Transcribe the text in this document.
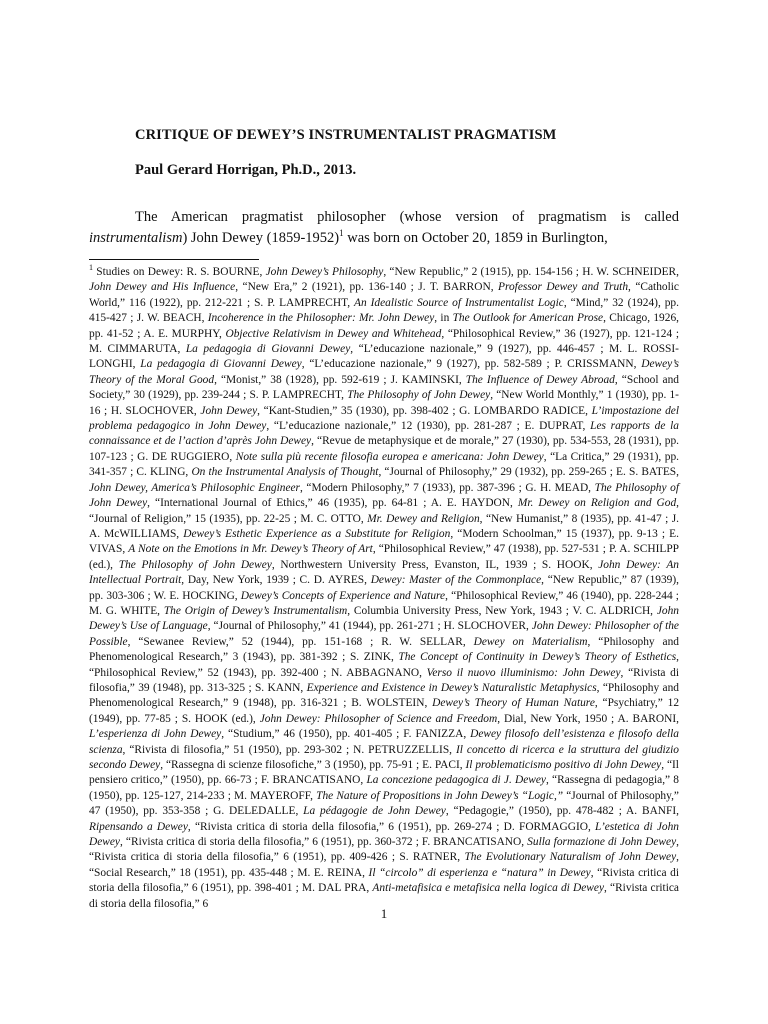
CRITIQUE OF DEWEY’S INSTRUMENTALIST PRAGMATISM
Paul Gerard Horrigan, Ph.D., 2013.

The American pragmatist philosopher (whose version of pragmatism is called instrumentalism) John Dewey (1859-1952)$^1$ was born on October 20, 1859 in Burlington,

$^1$ Studies on Dewey: R. S. BOURNE, John Dewey’s Philosophy, “New Republic,” 2 (1915), pp. 154-156 ; H. W. SCHNEIDER, John Dewey and His Influence, “New Era,” 2 (1921), pp. 136-140 ; J. T. BARRON, Professor Dewey and Truth, “Catholic World,” 116 (1922), pp. 212-221 ; S. P. LAMPRECHT, An Idealistic Source of Instrumentalist Logic, “Mind,” 32 (1924), pp. 415-427 ; J. W. BEACH, Incoherence in the Philosopher: Mr. John Dewey, in The Outlook for American Prose, Chicago, 1926, pp. 41-52 ; A. E. MURPHY, Objective Relativism in Dewey and Whitehead, “Philosophical Review,” 36 (1927), pp. 121-124 ; M. CIMMARUTA, La pedagogia di Giovanni Dewey, “L’educazione nazionale,” 9 (1927), pp. 446-457 ; M. L. ROSSI-LONGHI, La pedagogia di Giovanni Dewey, “L’educazione nazionale,” 9 (1927), pp. 582-589 ; P. CRISSMANN, Dewey’s Theory of the Moral Good, “Monist,” 38 (1928), pp. 592-619 ; J. KAMINSKI, The Influence of Dewey Abroad, “School and Society,” 30 (1929), pp. 239-244 ; S. P. LAMPRECHT, The Philosophy of John Dewey, “New World Monthly,” 1 (1930), pp. 1-16 ; H. SLOCHOVER, John Dewey, “Kant-Studien,” 35 (1930), pp. 398-402 ; G. LOMBARDO RADICE, L’impostazione del problema pedagogico in John Dewey, “L’educazione nazionale,” 12 (1930), pp. 281-287 ; E. DUPRAT, Les rapports de la connaissance et de l’action d’après John Dewey, “Revue de metaphysique et de morale,” 27 (1930), pp. 534-553, 28 (1931), pp. 107-123 ; G. DE RUGGIERO, Note sulla più recente filosofia europea e americana: John Dewey, “La Critica,” 29 (1931), pp. 341-357 ; C. KLING, On the Instrumental Analysis of Thought, “Journal of Philosophy,” 29 (1932), pp. 259-265 ; E. S. BATES, John Dewey, America’s Philosophic Engineer, “Modern Philosophy,” 7 (1933), pp. 387-396 ; G. H. MEAD, The Philosophy of John Dewey, “International Journal of Ethics,” 46 (1935), pp. 64-81 ; A. E. HAYDON, Mr. Dewey on Religion and God, “Journal of Religion,” 15 (1935), pp. 22-25 ; M. C. OTTO, Mr. Dewey and Religion, “New Humanist,” 8 (1935), pp. 41-47 ; J. A. McWILLIAMS, Dewey’s Esthetic Experience as a Substitute for Religion, “Modern Schoolman,” 15 (1937), pp. 9-13 ; E. VIVAS, A Note on the Emotions in Mr. Dewey’s Theory of Art, “Philosophical Review,” 47 (1938), pp. 527-531 ; P. A. SCHILPP (ed.), The Philosophy of John Dewey, Northwestern University Press, Evanston, IL, 1939 ; S. HOOK, John Dewey: An Intellectual Portrait, Day, New York, 1939 ; C. D. AYRES, Dewey: Master of the Commonplace, “New Republic,” 87 (1939), pp. 303-306 ; W. E. HOCKING, Dewey’s Concepts of Experience and Nature, “Philosophical Review,” 46 (1940), pp. 228-244 ; M. G. WHITE, The Origin of Dewey’s Instrumentalism, Columbia University Press, New York, 1943 ; V. C. ALDRICH, John Dewey’s Use of Language, “Journal of Philosophy,” 41 (1944), pp. 261-271 ; H. SLOCHOVER, John Dewey: Philosopher of the Possible, “Sewanee Review,” 52 (1944), pp. 151-168 ; R. W. SELLAR, Dewey on Materialism, “Philosophy and Phenomenological Research,” 3 (1943), pp. 381-392 ; S. ZINK, The Concept of Continuity in Dewey’s Theory of Esthetics, “Philosophical Review,” 52 (1943), pp. 392-400 ; N. ABBAGNANO, Verso il nuovo illuminismo: John Dewey, “Rivista di filosofia,” 39 (1948), pp. 313-325 ; S. KANN, Experience and Existence in Dewey’s Naturalistic Metaphysics, “Philosophy and Phenomenological Research,” 9 (1948), pp. 316-321 ; B. WOLSTEIN, Dewey’s Theory of Human Nature, “Psychiatry,” 12 (1949), pp. 77-85 ; S. HOOK (ed.), John Dewey: Philosopher of Science and Freedom, Dial, New York, 1950 ; A. BARONI, L’esperienza di John Dewey, “Studium,” 46 (1950), pp. 401-405 ; F. FANIZZA, Dewey filosofo dell’esistenza e filosofo della scienza, “Rivista di filosofia,” 51 (1950), pp. 293-302 ; N. PETRUZZELLIS, Il concetto di ricerca e la struttura del giudizio secondo Dewey, “Rassegna di scienze filosofiche,” 3 (1950), pp. 75-91 ; E. PACI, Il problematicismo positivo di John Dewey, “Il pensiero critico,” (1950), pp. 66-73 ; F. BRANCATISANO, La concezione pedagogica di J. Dewey, “Rassegna di pedagogia,” 8 (1950), pp. 125-127, 214-233 ; M. MAYEROFF, The Nature of Propositions in John Dewey’s “Logic,” “Journal of Philosophy,” 47 (1950), pp. 353-358 ; G. DELEDALLE, La pédagogie de John Dewey, “Pedagogie,” (1950), pp. 478-482 ; A. BANFI, Ripensando a Dewey, “Rivista critica di storia della filosofia,” 6 (1951), pp. 269-274 ; D. FORMAGGIO, L’estetica di John Dewey, “Rivista critica di storia della filosofia,” 6 (1951), pp. 360-372 ; F. BRANCATISANO, Sulla formazione di John Dewey, “Rivista critica di storia della filosofia,” 6 (1951), pp. 409-426 ; S. RATNER, The Evolutionary Naturalism of John Dewey, “Social Research,” 18 (1951), pp. 435-448 ; M. E. REINA, Il “circolo” di esperienza e “natura” in Dewey, “Rivista critica di storia della filosofia,” 6 (1951), pp. 398-401 ; M. DAL PRA, Anti-metafisica e metafisica nella logica di Dewey, “Rivista critica di storia della filosofia,” 6

1
